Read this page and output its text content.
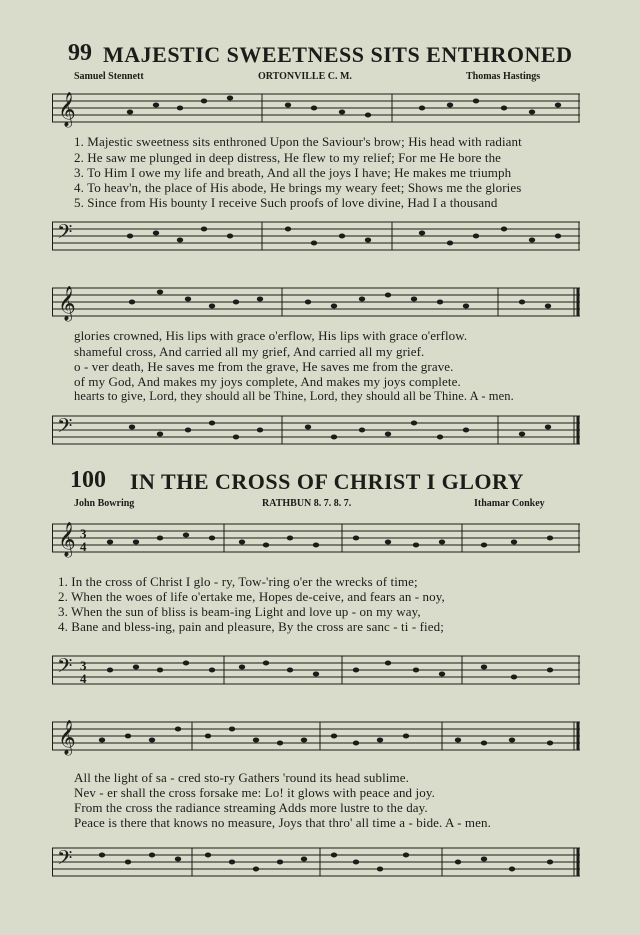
99 MAJESTIC SWEETNESS SITS ENTHRONED
Samuel Stennett	ORTONVILLE C. M.	Thomas Hastings
𝄞
1. Majestic sweetness sits enthroned Upon the Saviour's brow; His head with radiant
2. He saw me plunged in deep distress, He flew to my relief; For me He bore the
3. To Him I owe my life and breath, And all the joys I have; He makes me triumph
4. To heav'n, the place of His abode, He brings my weary feet; Shows me the glories
5. Since from His bounty I receive Such proofs of love divine, Had I a thousand
𝄢
𝄞
glories crowned, His lips with grace o'erflow, His lips with grace o'erflow.
shameful cross, And carried all my grief, And carried all my grief.
o - ver death, He saves me from the grave, He saves me from the grave.
of my God, And makes my joys complete, And makes my joys complete.
hearts to give, Lord, they should all be Thine, Lord, they should all be Thine. A - men.
𝄢
100 IN THE CROSS OF CHRIST I GLORY
John Bowring	RATHBUN 8. 7. 8. 7.	Ithamar Conkey
𝄞 3
4
1. In the cross of Christ I glo - ry, Tow-'ring o'er the wrecks of time;
2. When the woes of life o'ertake me, Hopes de-ceive, and fears an - noy,
3. When the sun of bliss is beam-ing Light and love up - on my way,
4. Bane and bless-ing, pain and pleasure, By the cross are sanc - ti - fied;
𝄢 3
4
𝄞
All the light of sa - cred sto-ry Gathers 'round its head sublime.
Nev - er shall the cross forsake me: Lo! it glows with peace and joy.
From the cross the radiance streaming Adds more lustre to the day.
Peace is there that knows no measure, Joys that thro' all time a - bide. A - men.
𝄢
